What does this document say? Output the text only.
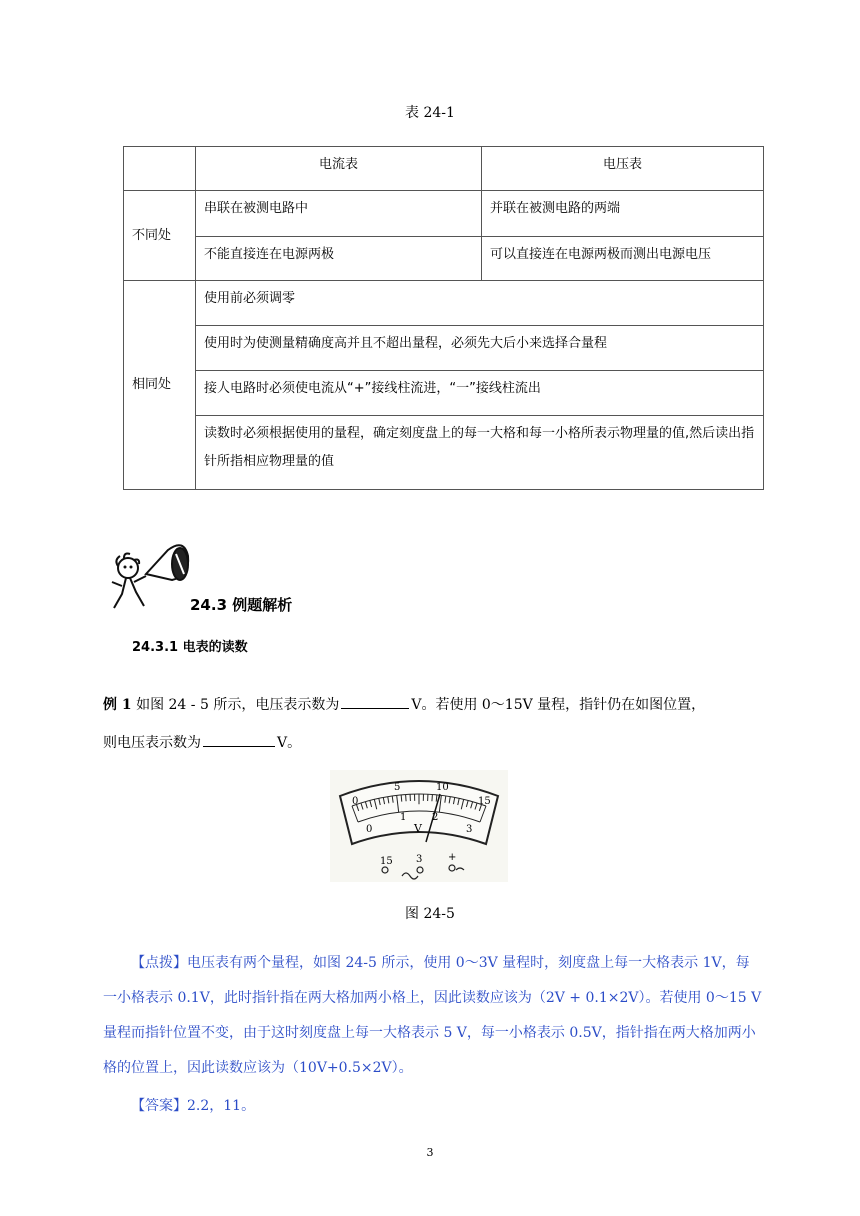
表 24-1
	电流表	电压表
不同处	串联在被测电路中	并联在被测电路的两端
	不能直接连在电源两极	可以直接连在电源两极而测出电源电压
相同处	使用前必须调零	
	使用时为使测量精确度高并且不超出量程，必须先大后小来选择合量程	
	接人电路时必须使电流从“+”接线柱流进，“一”接线柱流出	
	读数时必须根据使用的量程，确定刻度盘上的每一大格和每一小格所表示物理量的值,然后读出指针所指相应物理量的值	
24.3 例题解析
24.3.1 电表的读数
例 1 如图 24 - 5 所示，电压表示数为	V。若使用 0～15V 量程，指针仍在如图位置，
则电压表示数为	V。
0
5	10
15
0
1	2
3
V
15 3	+
图 24-5
【点拨】电压表有两个量程，如图 24-5 所示，使用 0～3V 量程时，刻度盘上每一大格表示 1V，每一小格表示 0.1V，此时指针指在两大格加两小格上，因此读数应该为（2V + 0.1×2V）。若使用 0～15 V 量程而指针位置不变，由于这时刻度盘上每一大格表示 5 V，每一小格表示 0.5V，指针指在两大格加两小格的位置上，因此读数应该为（10V+0.5×2V）。
【答案】2.2，11。
3
